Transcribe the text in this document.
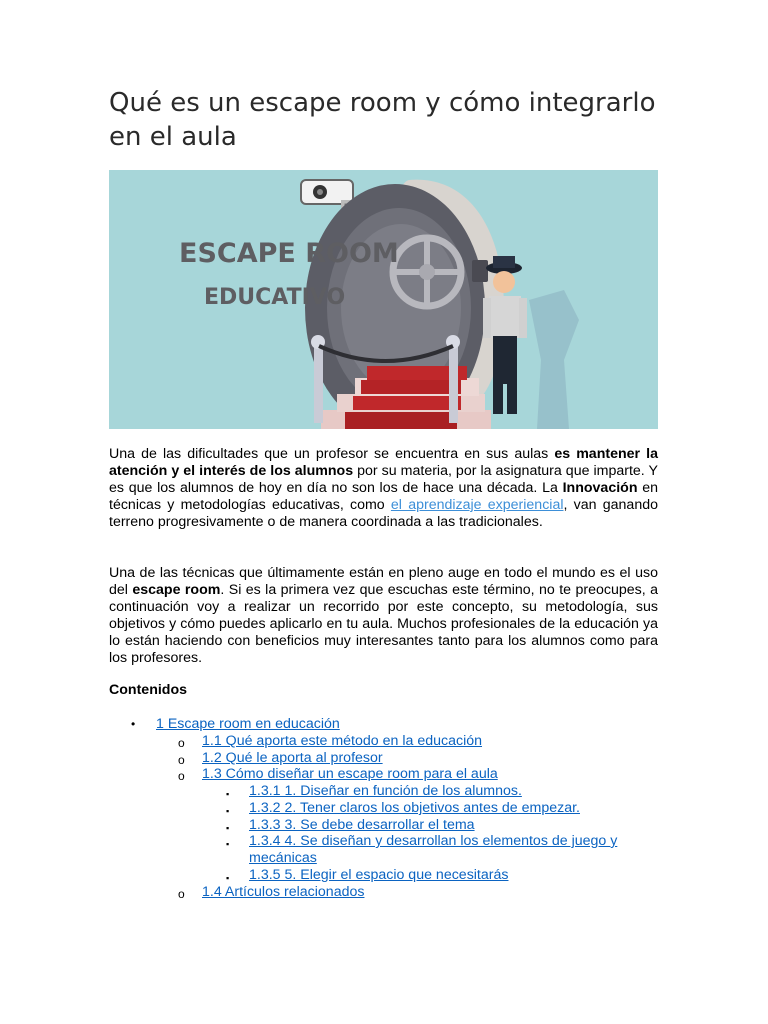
Qué es un escape room y cómo integrarlo en el aula
ESCAPE ROOM
EDUCATIVO

Una de las dificultades que un profesor se encuentra en sus aulas es mantener la atención y el interés de los alumnos por su materia, por la asignatura que imparte. Y es que los alumnos de hoy en día no son los de hace una década. La Innovación en técnicas y metodologías educativas, como el aprendizaje experiencial, van ganando terreno progresivamente o de manera coordinada a las tradicionales.

Una de las técnicas que últimamente están en pleno auge en todo el mundo es el uso del escape room. Si es la primera vez que escuchas este término, no te preocupes, a continuación voy a realizar un recorrido por este concepto, su metodología, sus objetivos y cómo puedes aplicarlo en tu aula. Muchos profesionales de la educación ya lo están haciendo con beneficios muy interesantes tanto para los alumnos como para los profesores.

Contenidos

• 1 Escape room en educación
o 1.1 Qué aporta este método en la educación
o 1.2 Qué le aporta al profesor
o 1.3 Cómo diseñar un escape room para el aula
▪ 1.3.1 1. Diseñar en función de los alumnos.
▪ 1.3.2 2. Tener claros los objetivos antes de empezar.
▪ 1.3.3 3. Se debe desarrollar el tema
▪ 1.3.4 4. Se diseñan y desarrollan los elementos de juego y
mecánicas
▪ 1.3.5 5. Elegir el espacio que necesitarás
o 1.4 Artículos relacionados
